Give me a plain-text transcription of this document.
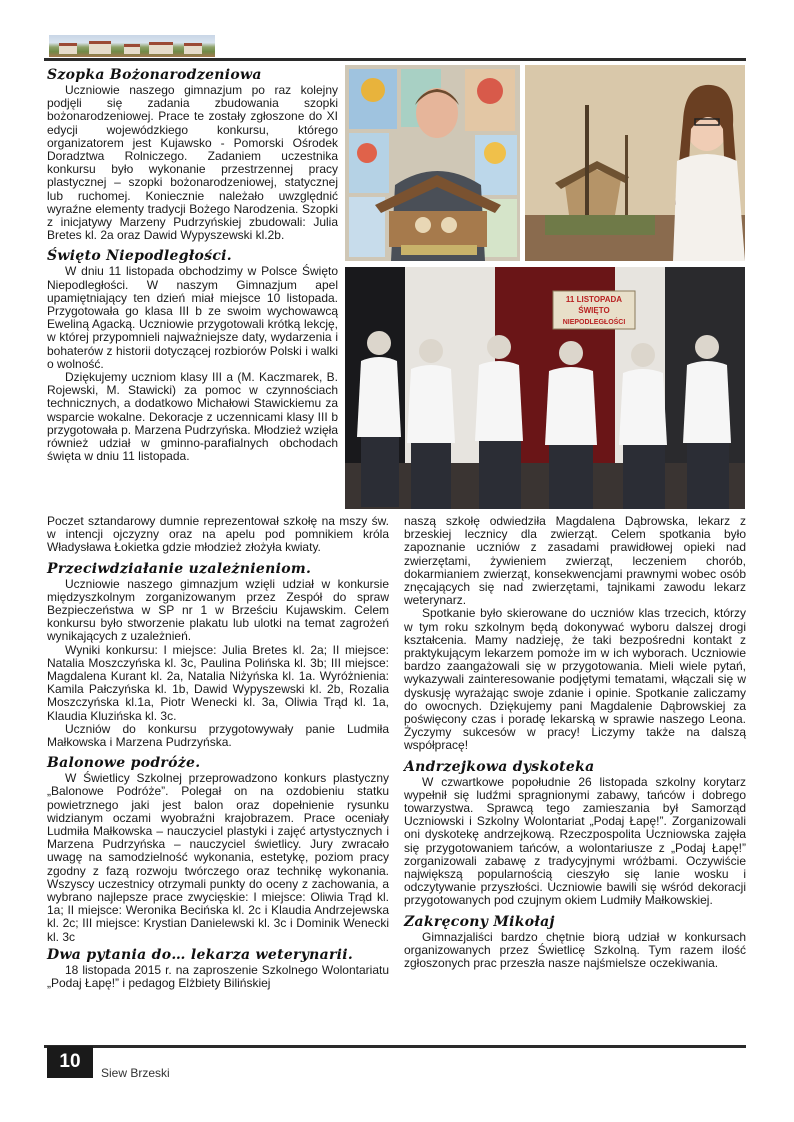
11 LISTOPADA
ŚWIĘTO
NIEPODLEGŁOŚCI
Szopka Bożonarodzeniowa

Uczniowie naszego gimnazjum po raz kolejny podjęli się zadania zbudowania szopki bożonarodzeniowej. Prace te zostały zgłoszone do XI edycji wojewódzkiego konkursu, którego organizatorem jest Kujawsko - Pomorski Ośrodek Doradztwa Rolniczego. Zadaniem uczestnika konkursu było wykonanie przestrzennej pracy plastycznej – szopki bożonarodzeniowej, statycznej lub ruchomej. Koniecznie należało uwzględnić wyraźne elementy tradycji Bożego Narodzenia. Szopki z inicjatywy Marzeny Pudrzyńskiej zbudowali: Julia Bretes kl. 2a oraz Dawid Wypyszewski kl.2b.

Święto Niepodległości.

W dniu 11 listopada obchodzimy w Polsce Święto Niepodległości. W naszym Gimnazjum apel upamiętniający ten dzień miał miejsce 10 listopada. Przygotowała go klasa III b ze swoim wychowawcą Eweliną Agacką. Uczniowie przygotowali krótką lekcję, w której przypomnieli najważniejsze daty, wydarzenia i bohaterów z historii dotyczącej rozbiorów Polski i walki o wolność.

Dziękujemy uczniom klasy III a (M. Kaczmarek, B. Rojewski, M. Stawicki) za pomoc w czynnościach technicznych, a dodatkowo Michałowi Stawickiemu za wsparcie wokalne. Dekoracje z uczennicami klasy III b przygotowała p. Marzena Pudrzyńska. Młodzież wzięła również udział w gminno-parafialnych obchodach święta w dniu 11 listopada.

Poczet sztandarowy dumnie reprezentował szkołę na mszy św. w intencji ojczyzny oraz na apelu pod pomnikiem króla Władysława Łokietka gdzie młodzież złożyła kwiaty.

Przeciwdziałanie uzależnieniom.

Uczniowie naszego gimnazjum wzięli udział w konkursie międzyszkolnym zorganizowanym przez Zespół do spraw Bezpieczeństwa w SP nr 1 w Brześciu Kujawskim. Celem konkursu było stworzenie plakatu lub ulotki na temat zagrożeń wynikających z uzależnień.

Wyniki konkursu: I miejsce: Julia Bretes kl. 2a; II miejsce: Natalia Moszczyńska kl. 3c, Paulina Polińska kl. 3b; III miejsce: Magdalena Kurant kl. 2a, Natalia Niżyńska kl. 1a. Wyróżnienia: Kamila Pałczyńska kl. 1b, Dawid Wypyszewski kl. 2b, Rozalia Moszczyńska kl.1a, Piotr Wenecki kl. 3a, Oliwia Trąd kl. 1a, Klaudia Kluzińska kl. 3c.

Uczniów do konkursu przygotowywały panie Ludmiła Małkowska i Marzena Pudrzyńska.

Balonowe podróże.

W Świetlicy Szkolnej przeprowadzono konkurs plastyczny „Balonowe Podróże”. Polegał on na ozdobieniu statku powietrznego jaki jest balon oraz dopełnienie rysunku widzianym oczami wyobraźni krajobrazem. Prace oceniały Ludmiła Małkowska – nauczyciel plastyki i zajęć artystycznych i Marzena Pudrzyńska – nauczyciel świetlicy. Jury zwracało uwagę na samodzielność wykonania, estetykę, poziom pracy zgodny z fazą rozwoju twórczego oraz technikę wykonania. Wszyscy uczestnicy otrzymali punkty do oceny z zachowania, a wybrano najlepsze prace zwycięskie: I miejsce: Oliwia Trąd kl. 1a; II miejsce: Weronika Becińska kl. 2c i Klaudia Andrzejewska kl. 2c; III miejsce: Krystian Danielewski kl. 3c i Dominik Wenecki kl. 3c

Dwa pytania do… lekarza weterynarii.

18 listopada 2015 r. na zaproszenie Szkolnego Wolontariatu „Podaj Łapę!” i pedagog Elżbiety Bilińskiej

naszą szkołę odwiedziła Magdalena Dąbrowska, lekarz z brzeskiej lecznicy dla zwierząt. Celem spotkania było zapoznanie uczniów z zasadami prawidłowej opieki nad zwierzętami, żywieniem zwierząt, leczeniem chorób, dokarmianiem zwierząt, konsekwencjami prawnymi wobec osób znęcających się nad zwierzętami, tajnikami zawodu lekarz weterynarz.

Spotkanie było skierowane do uczniów klas trzecich, którzy w tym roku szkolnym będą dokonywać wyboru dalszej drogi kształcenia. Mamy nadzieję, że taki bezpośredni kontakt z praktykującym lekarzem pomoże im w ich wyborach. Uczniowie bardzo zaangażowali się w przygotowania. Mieli wiele pytań, wykazywali zainteresowanie podjętymi tematami, włączali się w dyskusję wyrażając swoje zdanie i opinie. Spotkanie zaliczamy do owocnych. Dziękujemy pani Magdalenie Dąbrowskiej za poświęcony czas i poradę lekarską w sprawie naszego Leona. Życzymy sukcesów w pracy! Liczymy także na dalszą współpracę!

Andrzejkowa dyskoteka

W czwartkowe popołudnie 26 listopada szkolny korytarz wypełnił się ludźmi spragnionymi zabawy, tańców i dobrego towarzystwa. Sprawcą tego zamieszania był Samorząd Uczniowski i Szkolny Wolontariat „Podaj Łapę!”. Zorganizowali oni dyskotekę andrzejkową. Rzeczpospolita Uczniowska zajęła się przygotowaniem tańców, a wolontariusze z „Podaj Łapę!” zorganizowali zabawę z tradycyjnymi wróżbami. Oczywiście największą popularnością cieszyło się lanie wosku i odczytywanie przyszłości. Uczniowie bawili się wśród dekoracji przygotowanych pod czujnym okiem Ludmiły Małkowskiej.

Zakręcony Mikołaj

Gimnazjaliści bardzo chętnie biorą udział w konkursach organizowanych przez Świetlicę Szkolną. Tym razem ilość zgłoszonych prac przeszła nasze najśmielsze oczekiwania.

10
Siew Brzeski
